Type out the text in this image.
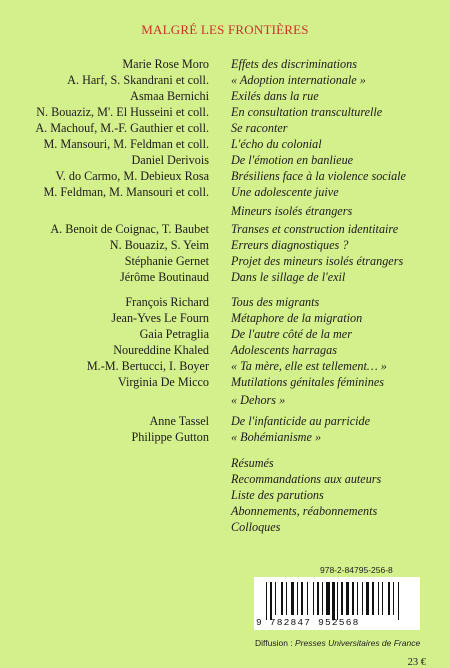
MALGRÉ LES FRONTIÈRES
Marie Rose Moro Effets des discriminations
A. Harf, S. Skandrani et coll. « Adoption internationale »
Asmaa Bernichi Exilés dans la rue
N. Bouaziz, M'. El Husseini et coll. En consultation transculturelle
A. Machouf, M.-F. Gauthier et coll. Se raconter
M. Mansouri, M. Feldman et coll. L'écho du colonial
Daniel Derivois De l'émotion en banlieue
V. do Carmo, M. Debieux Rosa Brésiliens face à la violence sociale
M. Feldman, M. Mansouri et coll. Une adolescente juive
Mineurs isolés étrangers
A. Benoit de Coignac, T. Baubet Transes et construction identitaire
N. Bouaziz, S. Yeim Erreurs diagnostiques ?
Stéphanie Gernet Projet des mineurs isolés étrangers
Jérôme Boutinaud Dans le sillage de l'exil
François Richard Tous des migrants
Jean-Yves Le Fourn Métaphore de la migration
Gaia Petraglia De l'autre côté de la mer
Noureddine Khaled Adolescents harragas
M.-M. Bertucci, I. Boyer « Ta mère, elle est tellement… »
Virginia De Micco Mutilations génitales féminines
« Dehors »
Anne Tassel De l'infanticide au parricide
Philippe Gutton « Bohémianisme »
Résumés
Recommandations aux auteurs
Liste des parutions
Abonnements, réabonnements
Colloques
978-2-84795-256-8
9 782847 952568
Diffusion : Presses Universitaires de France
23 €
